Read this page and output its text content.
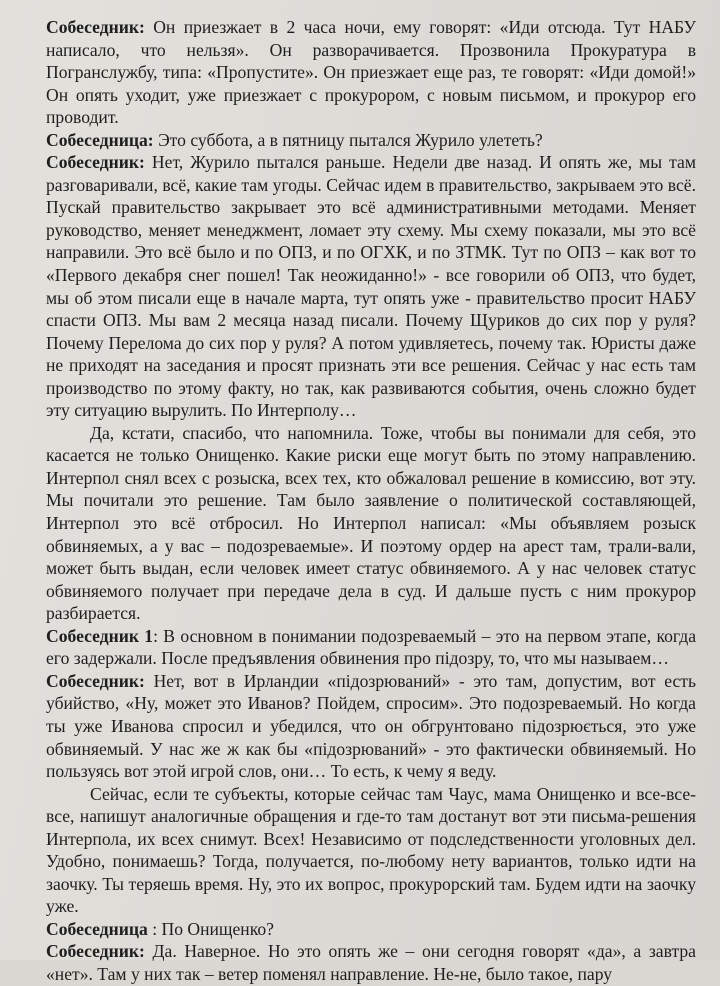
Собеседник: Он приезжает в 2 часа ночи, ему говорят: «Иди отсюда. Тут НАБУ написало, что нельзя». Он разворачивается. Прозвонила Прокуратура в Погранслужбу, типа: «Пропустите». Он приезжает еще раз, те говорят: «Иди домой!» Он опять уходит, уже приезжает с прокурором, с новым письмом, и прокурор его проводит.

Собеседница: Это суббота, а в пятницу пытался Журило улететь?

Собеседник: Нет, Журило пытался раньше. Недели две назад. И опять же, мы там разговаривали, всё, какие там угоды. Сейчас идем в правительство, закрываем это всё. Пускай правительство закрывает это всё административными методами. Меняет руководство, меняет менеджмент, ломает эту схему. Мы схему показали, мы это всё направили. Это всё было и по ОПЗ, и по ОГХК, и по ЗТМК. Тут по ОПЗ – как вот то «Первого декабря снег пошел! Так неожиданно!» - все говорили об ОПЗ, что будет, мы об этом писали еще в начале марта, тут опять уже - правительство просит НАБУ спасти ОПЗ. Мы вам 2 месяца назад писали. Почему Щуриков до сих пор у руля? Почему Перелома до сих пор у руля? А потом удивляетесь, почему так. Юристы даже не приходят на заседания и просят признать эти все решения. Сейчас у нас есть там производство по этому факту, но так, как развиваются события, очень сложно будет эту ситуацию вырулить. По Интерполу…

Да, кстати, спасибо, что напомнила. Тоже, чтобы вы понимали для себя, это касается не только Онищенко. Какие риски еще могут быть по этому направлению. Интерпол снял всех с розыска, всех тех, кто обжаловал решение в комиссию, вот эту. Мы почитали это решение. Там было заявление о политической составляющей, Интерпол это всё отбросил. Но Интерпол написал: «Мы объявляем розыск обвиняемых, а у вас – подозреваемые». И поэтому ордер на арест там, трали-вали, может быть выдан, если человек имеет статус обвиняемого. А у нас человек статус обвиняемого получает при передаче дела в суд. И дальше пусть с ним прокурор разбирается.

Собеседник 1: В основном в понимании подозреваемый – это на первом этапе, когда его задержали. После предъявления обвинения про підозру, то, что мы называем…

Собеседник: Нет, вот в Ирландии «підозрюваний» - это там, допустим, вот есть убийство, «Ну, может это Иванов? Пойдем, спросим». Это подозреваемый. Но когда ты уже Иванова спросил и убедился, что он обгрунтовано підозрюється, это уже обвиняемый. У нас же ж как бы «підозрюваний» - это фактически обвиняемый. Но пользуясь вот этой игрой слов, они… То есть, к чему я веду.

Сейчас, если те субъекты, которые сейчас там Чаус, мама Онищенко и все-все-все, напишут аналогичные обращения и где-то там достанут вот эти письма-решения Интерпола, их всех снимут. Всех! Независимо от подследственности уголовных дел. Удобно, понимаешь? Тогда, получается, по-любому нету вариантов, только идти на заочку. Ты теряешь время. Ну, это их вопрос, прокурорский там. Будем идти на заочку уже.

Собеседница : По Онищенко?

Собеседник: Да. Наверное. Но это опять же – они сегодня говорят «да», а завтра «нет». Там у них так – ветер поменял направление. Не-не, было такое, пару
